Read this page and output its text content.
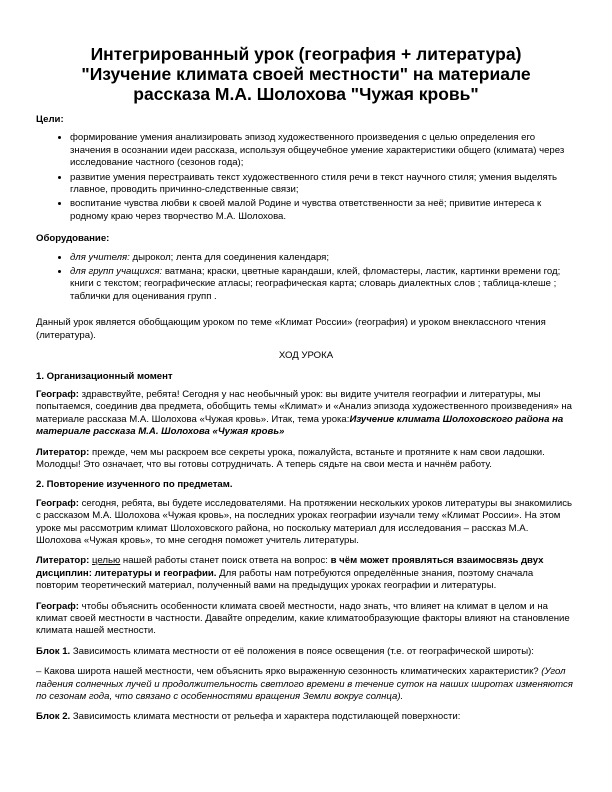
Интегрированный урок (география + литература)
"Изучение климата своей местности" на материале
рассказа М.А. Шолохова "Чужая кровь"
Цели:
• формирование умения анализировать эпизод художественного произведения с целью определения его значения в осознании идеи рассказа, используя общеучебное умение характеристики общего (климата) через исследование частного (сезонов года);
• развитие умения перестраивать текст художественного стиля речи в текст научного стиля; умения выделять главное, проводить причинно-следственные связи;
• воспитание чувства любви к своей малой Родине и чувства ответственности за неё; привитие интереса к родному краю через творчество М.А. Шолохова.
Оборудование:
• для учителя: дырокол; лента для соединения календаря;
• для групп учащихся: ватмана; краски, цветные карандаши, клей, фломастеры, ластик, картинки времени год; книги с текстом; географические атласы; географическая карта; словарь диалектных слов ; таблица-клеше ; таблички для оценивания групп .
Данный урок является обобщающим уроком по теме «Климат России» (география) и уроком внеклассного чтения (литература).
ХОД УРОКА
1. Организационный момент
Географ: здравствуйте, ребята! Сегодня у нас необычный урок: вы видите учителя географии и литературы, мы попытаемся, соединив два предмета, обобщить темы «Климат» и «Анализ эпизода художественного произведения» на материале рассказа М.А. Шолохова «Чужая кровь». Итак, тема урока:Изучение климата Шолоховского района на материале рассказа М.А. Шолохова «Чужая кровь»
Литератор: прежде, чем мы раскроем все секреты урока, пожалуйста, встаньте и протяните к нам свои ладошки. Молодцы! Это означает, что вы готовы сотрудничать. А теперь сядьте на свои места и начнём работу.
2. Повторение изученного по предметам.
Географ: сегодня, ребята, вы будете исследователями. На протяжении нескольких уроков литературы вы знакомились с рассказом М.А. Шолохова «Чужая кровь», на последних уроках географии изучали тему «Климат России». На этом уроке мы рассмотрим климат Шолоховского района, но поскольку материал для исследования – рассказ М.А. Шолохова «Чужая кровь», то мне сегодня поможет учитель литературы.
Литератор: целью нашей работы станет поиск ответа на вопрос: в чём может проявляться взаимосвязь двух дисциплин: литературы и географии. Для работы нам потребуются определённые знания, поэтому сначала повторим теоретический материал, полученный вами на предыдущих уроках географии и литературы.
Географ: чтобы объяснить особенности климата своей местности, надо знать, что влияет на климат в целом и на климат своей местности в частности. Давайте определим, какие климатообразующие факторы влияют на становление климата нашей местности.
Блок 1. Зависимость климата местности от её положения в поясе освещения (т.е. от географической широты):
– Какова широта нашей местности, чем объяснить ярко выраженную сезонность климатических характеристик? (Угол падения солнечных лучей и продолжительность светлого времени в течение суток на наших широтах изменяются по сезонам года, что связано с особенностями вращения Земли вокруг солнца).
Блок 2. Зависимость климата местности от рельефа и характера подстилающей поверхности:
